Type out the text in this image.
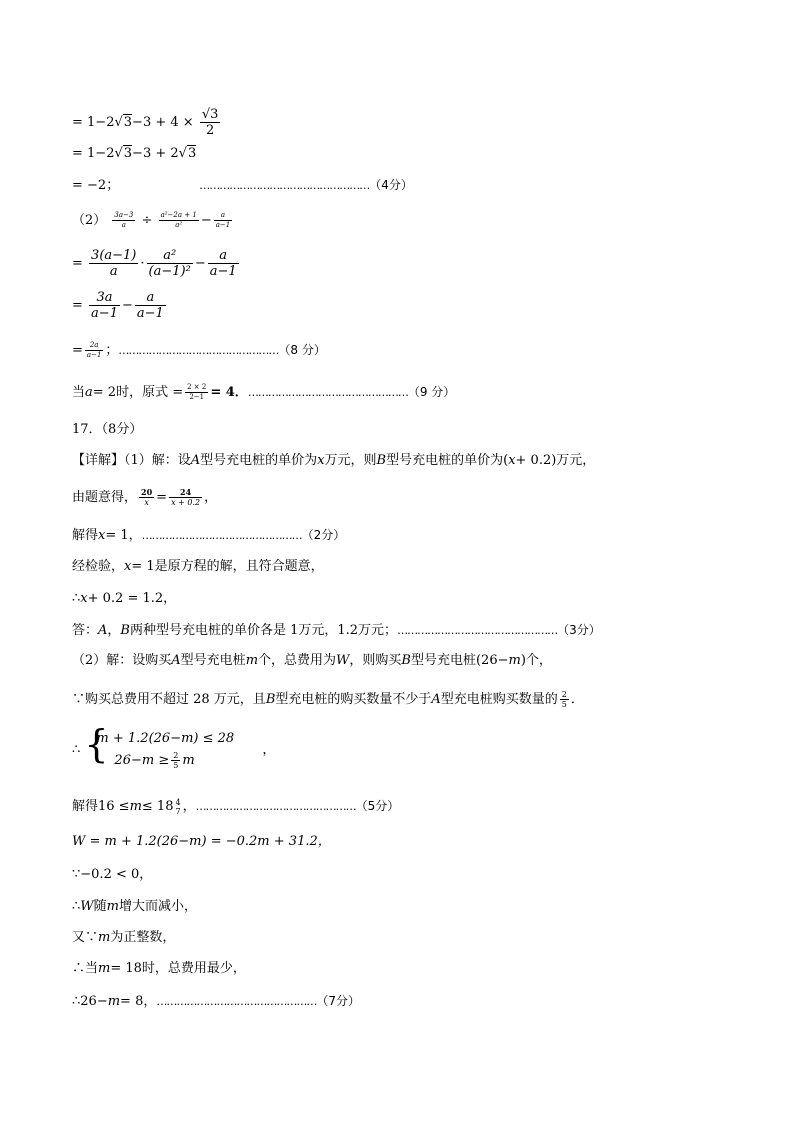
= $1-2√3-3 + 4 \times \frac{√3}{2}$
= 1−2√3−3 + 2√3
= −2；	……………………………………………（4分）
$(2) \frac{3a-3}{a} \div \frac{\text{a²−2a + 1}}{\text{a²}} - \frac{a}{a-1}$
= $\frac{3(a-1)}{a} \cdot \frac{\text{a²}}{\text{(a−1)²}} - \frac{a}{a-1}$
= $\frac{3a}{a-1} - \frac{a}{a-1}$
= $\frac{2a}{a-1}$ ；…………………………………………（8 分）
当a= 2时，原式 = $\frac{2 \times 2}{2-1} = 4$．…………………………………………（9 分）
17．（8分）
【详解】（1）解：设A型号充电桩的单价为x万元，则B型号充电桩的单价为(x+ 0.2)万元，
由题意得， $\frac{20}{x} = \frac{24}{x + 0.2}$ ，
解得x= 1，…………………………………………（2分）
经检验，x= 1是原方程的解，且符合题意，
∴x+ 0.2 = 1.2，
答：A，B两种型号充电桩的单价各是 1万元，1.2万元；…………………………………………（3分）
（2）解：设购买A型号充电桩m个，总费用为W，则购买B型号充电桩(26−m)个，
∵购买总费用不超过 28 万元，且B型充电桩的购买数量不少于A型充电桩购买数量的 $\frac{2}{5}$ ．
∴ {
m + 1.2(26−m) ≤ 28
$26-m \ge \frac{2}{5}$ m
，
解得16 ≤m≤ 18 4
7 ，…………………………………………（5分）
W = m + 1.2(26−m) = −0.2m + 31.2，
∵−0.2 < 0，
∴W随m增大而减小，
又∵m为正整数，
∴当m= 18时，总费用最少，
∴26−m= 8，…………………………………………（7分）
